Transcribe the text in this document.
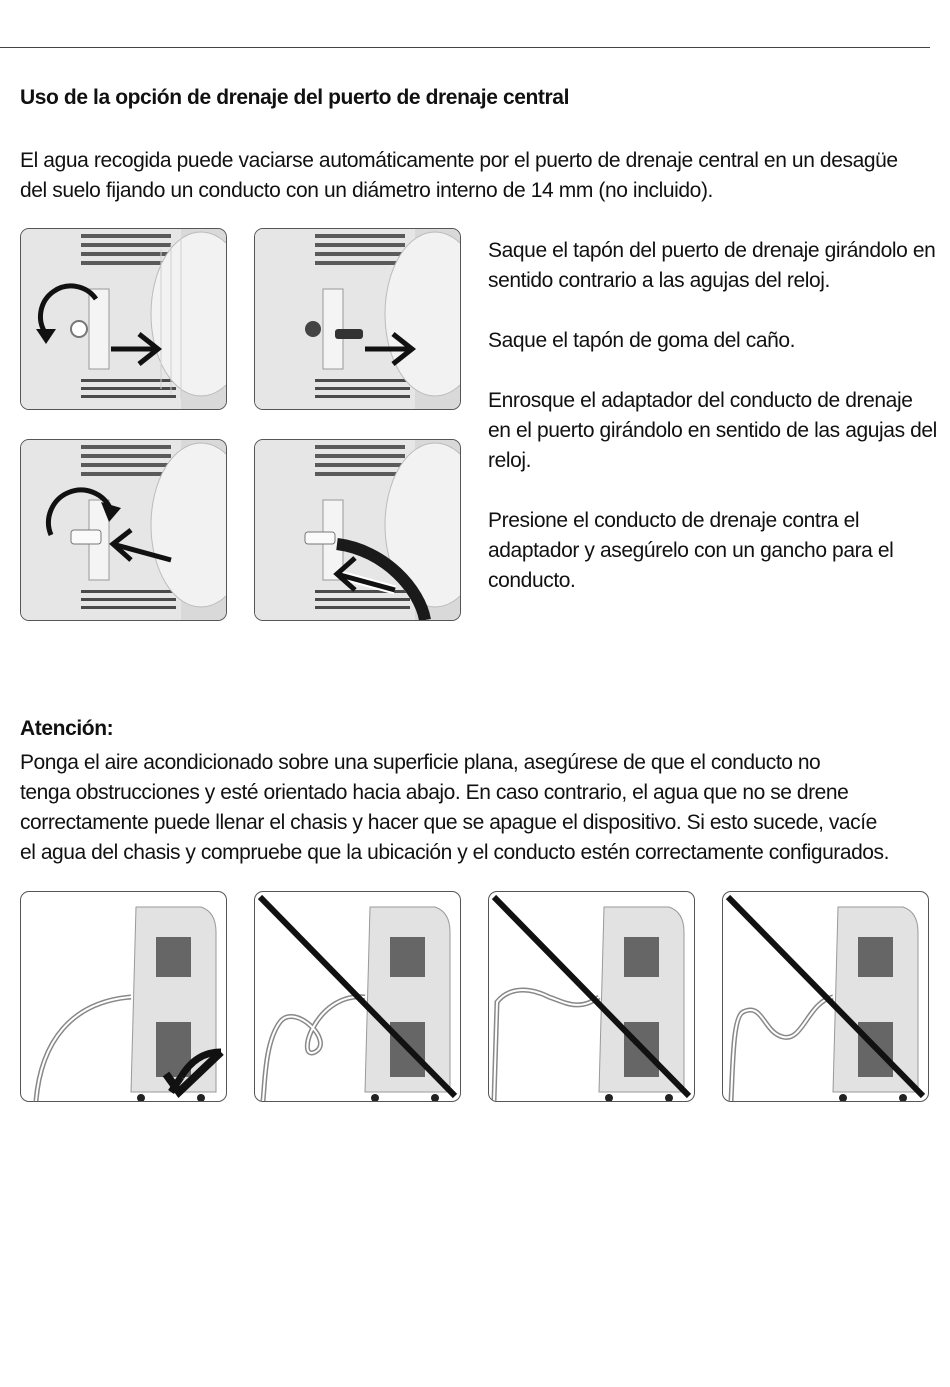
Uso de la opción de drenaje del puerto de drenaje central

El agua recogida puede vaciarse automáticamente por el puerto de drenaje central en un desagüe

del suelo fijando un conducto con un diámetro interno de 14 mm (no incluido).

Saque el tapón del puerto de drenaje girándolo en sentido contrario a las agujas del reloj.

Saque el tapón de goma del caño.

Enrosque el adaptador del conducto de drenaje en el puerto girándolo en sentido de las agujas del reloj.

Presione el conducto de drenaje contra el adaptador y asegúrelo con un gancho para el conducto.

Atención:

Ponga el aire acondicionado sobre una superficie plana, asegúrese de que el conducto no

tenga obstrucciones y esté orientado hacia abajo. En caso contrario, el agua que no se drene

correctamente puede llenar el chasis y hacer que se apague el dispositivo. Si esto sucede, vacíe

el agua del chasis y compruebe que la ubicación y el conducto estén correctamente configurados.
